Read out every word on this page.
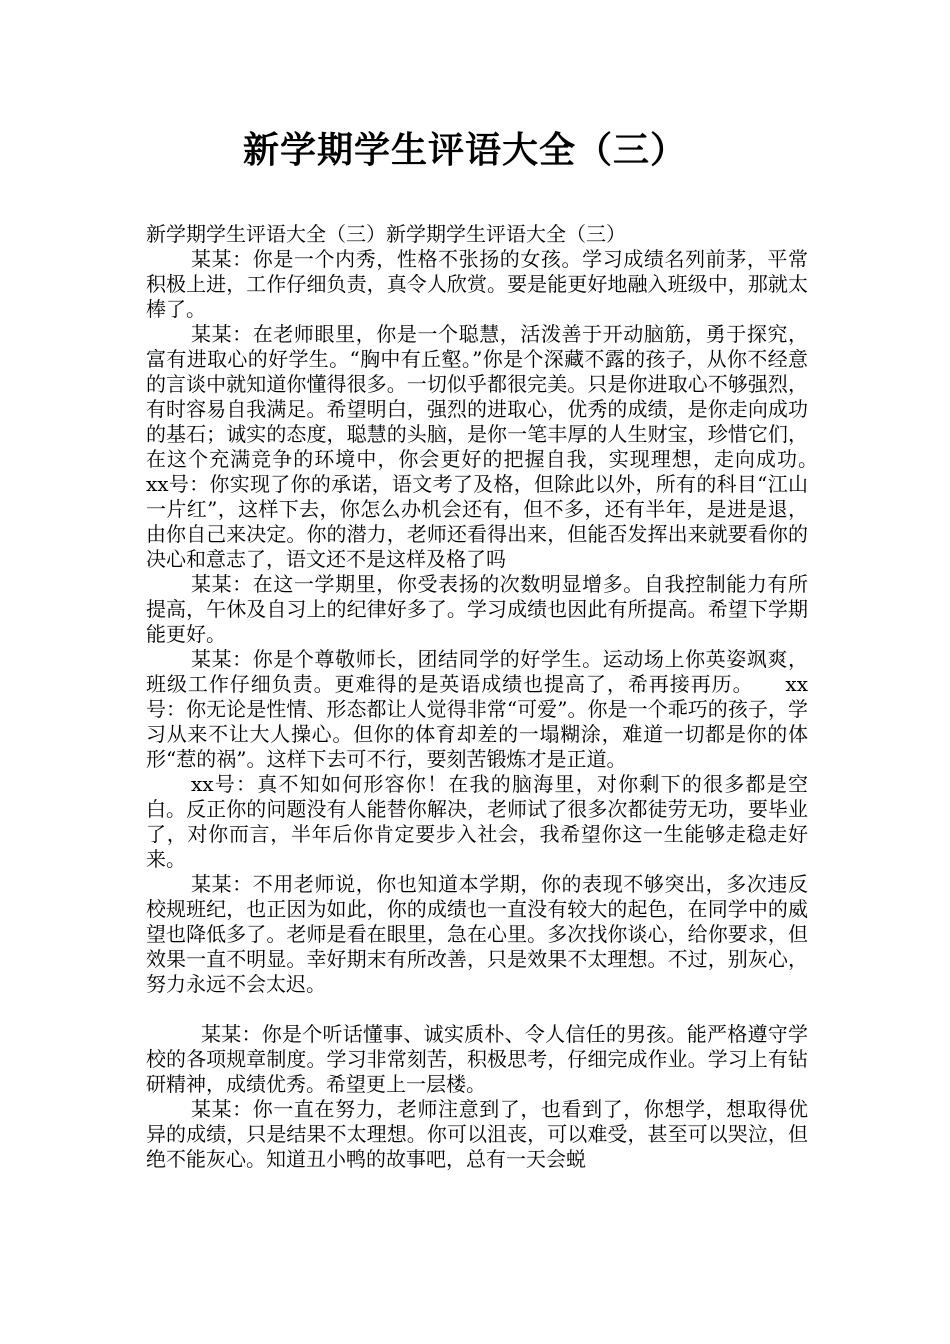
新学期学生评语大全（三）

新学期学生评语大全（三）新学期学生评语大全（三）

某某：你是一个内秀，性格不张扬的女孩。学习成绩名列前茅，平常积极上进，工作仔细负责，真令人欣赏。要是能更好地融入班级中，那就太棒了。

某某：在老师眼里，你是一个聪慧，活泼善于开动脑筋，勇于探究，富有进取心的好学生。“胸中有丘壑。”你是个深藏不露的孩子，从你不经意的言谈中就知道你懂得很多。一切似乎都很完美。只是你进取心不够强烈，有时容易自我满足。希望明白，强烈的进取心，优秀的成绩，是你走向成功的基石；诚实的态度，聪慧的头脑，是你一笔丰厚的人生财宝，珍惜它们，在这个充满竞争的环境中，你会更好的把握自我，实现理想，走向成功。　　xx号：你实现了你的承诺，语文考了及格，但除此以外，所有的科目“江山一片红”，这样下去，你怎么办机会还有，但不多，还有半年，是进是退，由你自己来决定。你的潜力，老师还看得出来，但能否发挥出来就要看你的决心和意志了，语文还不是这样及格了吗

某某：在这一学期里，你受表扬的次数明显增多。自我控制能力有所提高，午休及自习上的纪律好多了。学习成绩也因此有所提高。希望下学期能更好。

某某：你是个尊敬师长，团结同学的好学生。运动场上你英姿飒爽，班级工作仔细负责。更难得的是英语成绩也提高了，希再接再历。　　xx号：你无论是性情、形态都让人觉得非常“可爱”。你是一个乖巧的孩子，学习从来不让大人操心。但你的体育却差的一塌糊涂，难道一切都是你的体形“惹的祸”。这样下去可不行，要刻苦锻炼才是正道。

xx号：真不知如何形容你！在我的脑海里，对你剩下的很多都是空白。反正你的问题没有人能替你解决，老师试了很多次都徒劳无功，要毕业了，对你而言，半年后你肯定要步入社会，我希望你这一生能够走稳走好来。

某某：不用老师说，你也知道本学期，你的表现不够突出，多次违反校规班纪，也正因为如此，你的成绩也一直没有较大的起色，在同学中的威望也降低多了。老师是看在眼里，急在心里。多次找你谈心，给你要求，但效果一直不明显。幸好期末有所改善，只是效果不太理想。不过，别灰心，努力永远不会太迟。

某某：你是个听话懂事、诚实质朴、令人信任的男孩。能严格遵守学校的各项规章制度。学习非常刻苦，积极思考，仔细完成作业。学习上有钻研精神，成绩优秀。希望更上一层楼。

某某：你一直在努力，老师注意到了，也看到了，你想学，想取得优异的成绩，只是结果不太理想。你可以沮丧，可以难受，甚至可以哭泣，但绝不能灰心。知道丑小鸭的故事吧，总有一天会蜕
